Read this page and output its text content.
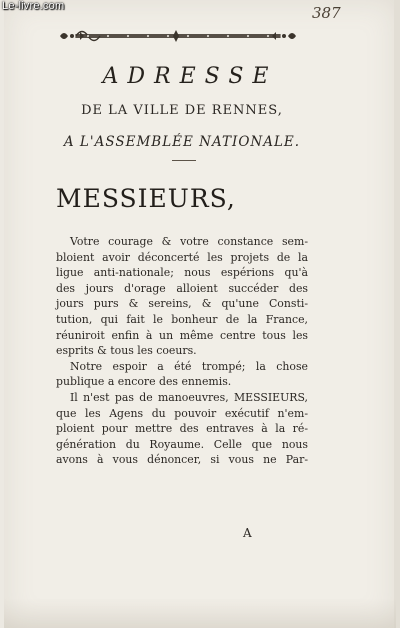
Le-livre.com	387
ADRESSE
DE LA VILLE DE RENNES,
A L'ASSEMBLÉE NATIONALE.
MESSIEURS,
Votre courage & votre constance sem-
bloient avoir déconcerté les projets de la
ligue anti-nationale; nous espérions qu'à
des jours d'orage alloient succéder des
jours purs & sereins, & qu'une Consti-
tution, qui fait le bonheur de la France,
réuniroit enfin à un même centre tous les
esprits & tous les coeurs.
Notre espoir a été trompé; la chose
publique a encore des ennemis.
Il n'est pas de manoeuvres, MESSIEURS,
que les Agens du pouvoir exécutif n'em-
ploient pour mettre des entraves à la ré-
génération du Royaume. Celle que nous
avons à vous dénoncer, si vous ne Par-
A
